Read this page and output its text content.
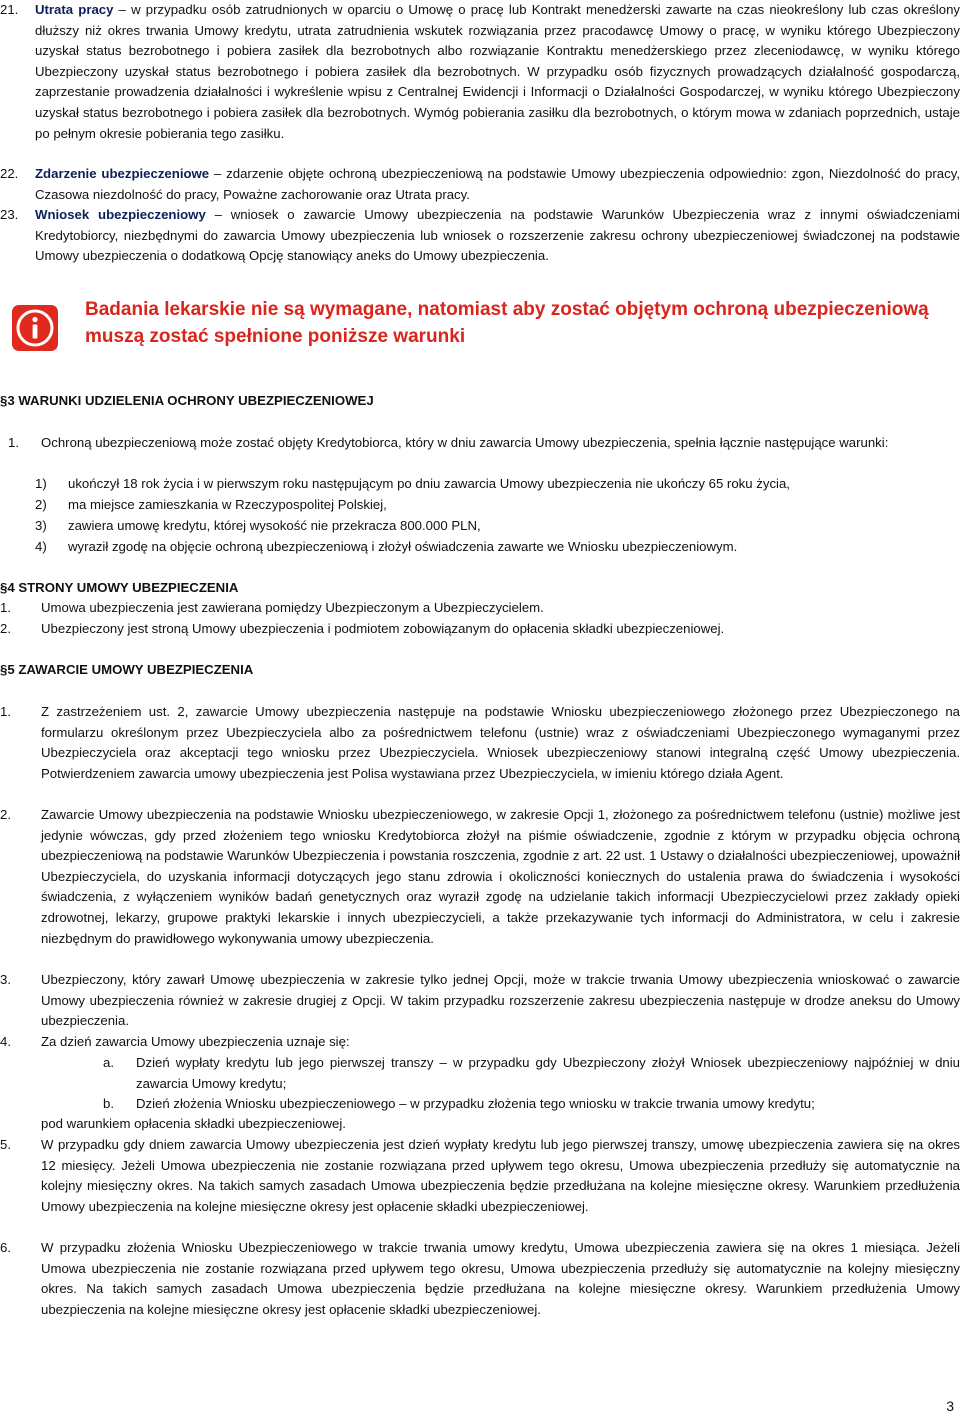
21. Utrata pracy – w przypadku osób zatrudnionych w oparciu o Umowę o pracę lub Kontrakt menedżerski zawarte na czas nieokreślony lub czas określony dłuższy niż okres trwania Umowy kredytu, utrata zatrudnienia wskutek rozwiązania przez pracodawcę Umowy o pracę, w wyniku którego Ubezpieczony uzyskał status bezrobotnego i pobiera zasiłek dla bezrobotnych albo rozwiązanie Kontraktu menedżerskiego przez zleceniodawcę, w wyniku którego Ubezpieczony uzyskał status bezrobotnego i pobiera zasiłek dla bezrobotnych. W przypadku osób fizycznych prowadzących działalność gospodarczą, zaprzestanie prowadzenia działalności i wykreślenie wpisu z Centralnej Ewidencji i Informacji o Działalności Gospodarczej, w wyniku którego Ubezpieczony uzyskał status bezrobotnego i pobiera zasiłek dla bezrobotnych. Wymóg pobierania zasiłku dla bezrobotnych, o którym mowa w zdaniach poprzednich, ustaje po pełnym okresie pobierania tego zasiłku.
22. Zdarzenie ubezpieczeniowe – zdarzenie objęte ochroną ubezpieczeniową na podstawie Umowy ubezpieczenia odpowiednio: zgon, Niezdolność do pracy, Czasowa niezdolność do pracy, Poważne zachorowanie oraz Utrata pracy.
23. Wniosek ubezpieczeniowy – wniosek o zawarcie Umowy ubezpieczenia na podstawie Warunków Ubezpieczenia wraz z innymi oświadczeniami Kredytobiorcy, niezbędnymi do zawarcia Umowy ubezpieczenia lub wniosek o rozszerzenie zakresu ochrony ubezpieczeniowej świadczonej na podstawie Umowy ubezpieczenia o dodatkową Opcję stanowiący aneks do Umowy ubezpieczenia.
Badania lekarskie nie są wymagane, natomiast aby zostać objętym ochroną ubezpieczeniową muszą zostać spełnione poniższe warunki
§3 WARUNKI UDZIELENIA OCHRONY UBEZPIECZENIOWEJ
1. Ochroną ubezpieczeniową może zostać objęty Kredytobiorca, który w dniu zawarcia Umowy ubezpieczenia, spełnia łącznie następujące warunki:
1) ukończył 18 rok życia i w pierwszym roku następującym po dniu zawarcia Umowy ubezpieczenia nie ukończy 65 roku życia,
2) ma miejsce zamieszkania w Rzeczypospolitej Polskiej,
3) zawiera umowę kredytu, której wysokość nie przekracza 800.000 PLN,
4) wyraził zgodę na objęcie ochroną ubezpieczeniową i złożył oświadczenia zawarte we Wniosku ubezpieczeniowym.
§4 STRONY UMOWY UBEZPIECZENIA
1. Umowa ubezpieczenia jest zawierana pomiędzy Ubezpieczonym a Ubezpieczycielem.
2. Ubezpieczony jest stroną Umowy ubezpieczenia i podmiotem zobowiązanym do opłacenia składki ubezpieczeniowej.
§5 ZAWARCIE UMOWY UBEZPIECZENIA
1. Z zastrzeżeniem ust. 2, zawarcie Umowy ubezpieczenia następuje na podstawie Wniosku ubezpieczeniowego złożonego przez Ubezpieczonego na formularzu określonym przez Ubezpieczyciela albo za pośrednictwem telefonu (ustnie) wraz z oświadczeniami Ubezpieczonego wymaganymi przez Ubezpieczyciela oraz akceptacji tego wniosku przez Ubezpieczyciela. Wniosek ubezpieczeniowy stanowi integralną część Umowy ubezpieczenia. Potwierdzeniem zawarcia umowy ubezpieczenia jest Polisa wystawiana przez Ubezpieczyciela, w imieniu którego działa Agent.
2. Zawarcie Umowy ubezpieczenia na podstawie Wniosku ubezpieczeniowego, w zakresie Opcji 1, złożonego za pośrednictwem telefonu (ustnie) możliwe jest jedynie wówczas, gdy przed złożeniem tego wniosku Kredytobiorca złożył na piśmie oświadczenie, zgodnie z którym w przypadku objęcia ochroną ubezpieczeniową na podstawie Warunków Ubezpieczenia i powstania roszczenia, zgodnie z art. 22 ust. 1 Ustawy o działalności ubezpieczeniowej, upoważnił Ubezpieczyciela, do uzyskania informacji dotyczących jego stanu zdrowia i okoliczności koniecznych do ustalenia prawa do świadczenia i wysokości świadczenia, z wyłączeniem wyników badań genetycznych oraz wyraził zgodę na udzielanie takich informacji Ubezpieczycielowi przez zakłady opieki zdrowotnej, lekarzy, grupowe praktyki lekarskie i innych ubezpieczycieli, a także przekazywanie tych informacji do Administratora, w celu i zakresie niezbędnym do prawidłowego wykonywania umowy ubezpieczenia.
3. Ubezpieczony, który zawarł Umowę ubezpieczenia w zakresie tylko jednej Opcji, może w trakcie trwania Umowy ubezpieczenia wnioskować o zawarcie Umowy ubezpieczenia również w zakresie drugiej z Opcji. W takim przypadku rozszerzenie zakresu ubezpieczenia następuje w drodze aneksu do Umowy ubezpieczenia.
4. Za dzień zawarcia Umowy ubezpieczenia uznaje się:
a. Dzień wypłaty kredytu lub jego pierwszej transzy – w przypadku gdy Ubezpieczony złożył Wniosek ubezpieczeniowy najpóźniej w dniu zawarcia Umowy kredytu;
b. Dzień złożenia Wniosku ubezpieczeniowego – w przypadku złożenia tego wniosku w trakcie trwania umowy kredytu;
pod warunkiem opłacenia składki ubezpieczeniowej.
5. W przypadku gdy dniem zawarcia Umowy ubezpieczenia jest dzień wypłaty kredytu lub jego pierwszej transzy, umowę ubezpieczenia zawiera się na okres 12 miesięcy. Jeżeli Umowa ubezpieczenia nie zostanie rozwiązana przed upływem tego okresu, Umowa ubezpieczenia przedłuży się automatycznie na kolejny miesięczny okres. Na takich samych zasadach Umowa ubezpieczenia będzie przedłużana na kolejne miesięczne okresy. Warunkiem przedłużenia Umowy ubezpieczenia na kolejne miesięczne okresy jest opłacenie składki ubezpieczeniowej.
6. W przypadku złożenia Wniosku Ubezpieczeniowego w trakcie trwania umowy kredytu, Umowa ubezpieczenia zawiera się na okres 1 miesiąca. Jeżeli Umowa ubezpieczenia nie zostanie rozwiązana przed upływem tego okresu, Umowa ubezpieczenia przedłuży się automatycznie na kolejny miesięczny okres. Na takich samych zasadach Umowa ubezpieczenia będzie przedłużana na kolejne miesięczne okresy. Warunkiem przedłużenia Umowy ubezpieczenia na kolejne miesięczne okresy jest opłacenie składki ubezpieczeniowej.
3
